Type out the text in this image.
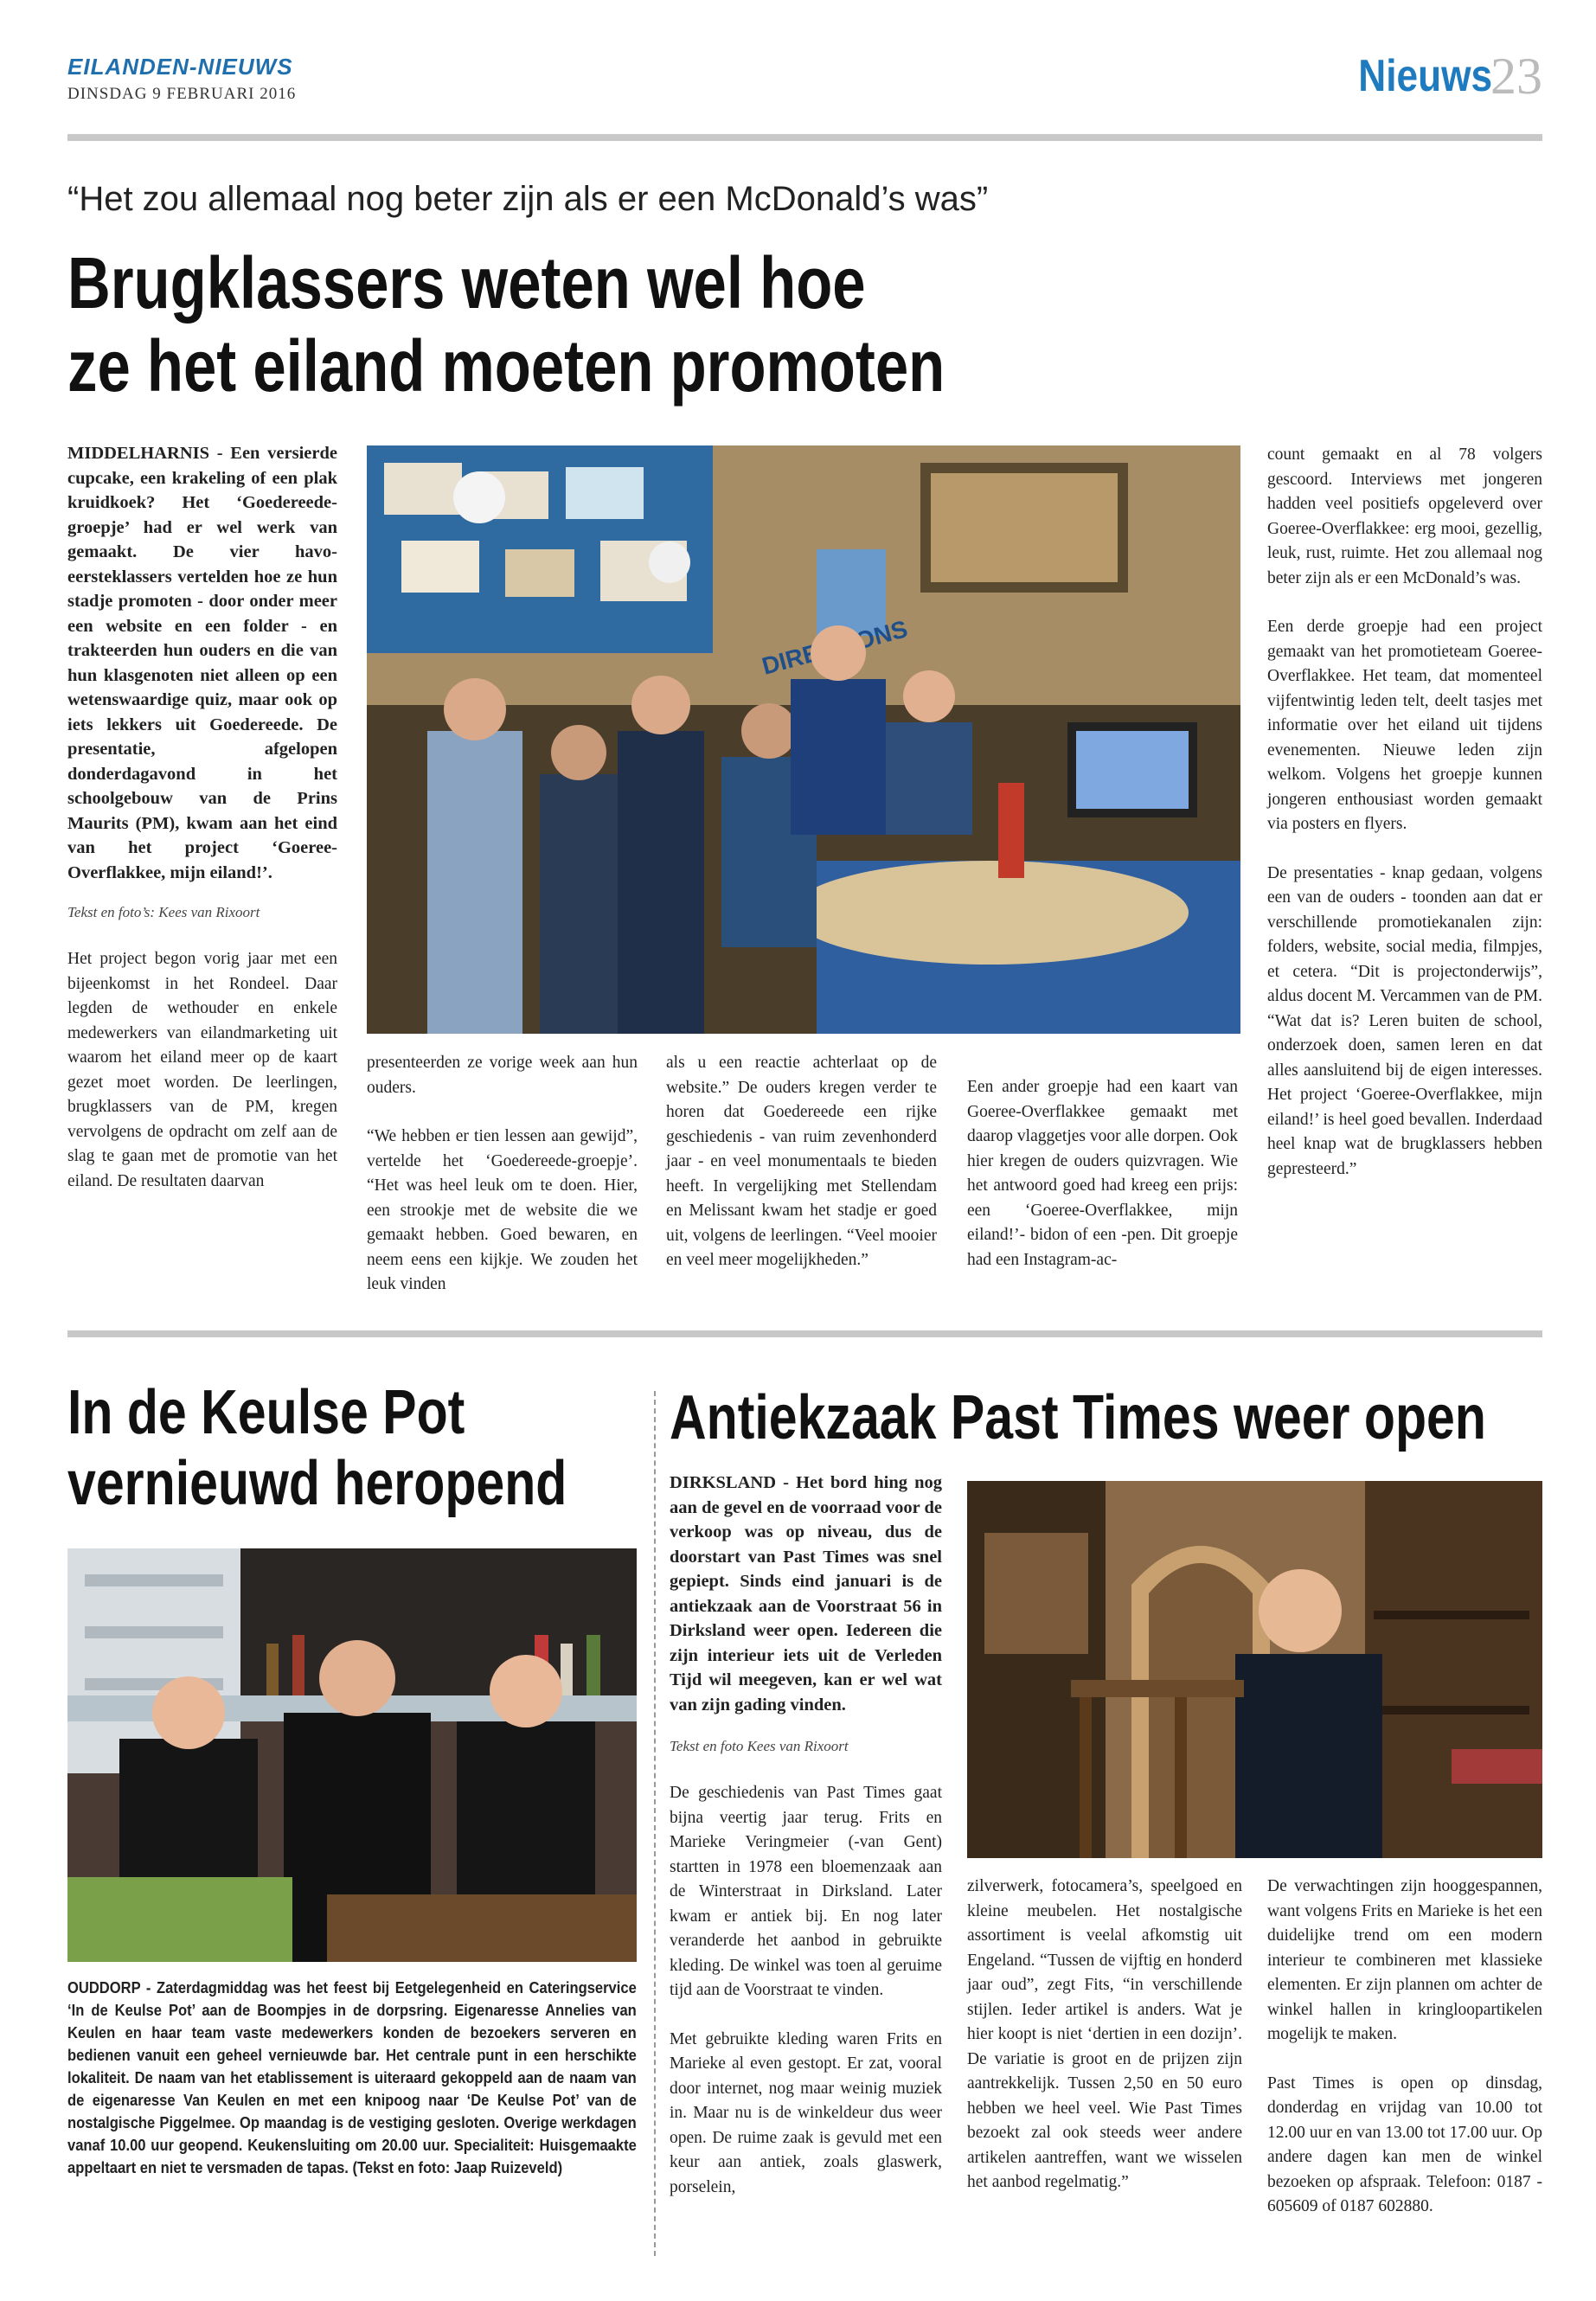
EILANDEN-NIEUWS
DINSDAG 9 FEBRUARI 2016	Nieuws
23
“Het zou allemaal nog beter zijn als er een McDonald’s was”
Brugklassers weten wel hoe
ze het eiland moeten promoten
MIDDELHARNIS - Een versierde cupcake, een krakeling of een plak kruidkoek? Het ‘Goedereede-groepje’ had er wel werk van gemaakt. De vier havo-eersteklassers vertelden hoe ze hun stadje promoten - door onder meer een website en een folder - en trakteerden hun ouders en die van hun klasgenoten niet alleen op een wetenswaardige quiz, maar ook op iets lekkers uit Goedereede. De presentatie, afgelopen donderdagavond in het schoolgebouw van de Prins Maurits (PM), kwam aan het eind van het project ‘Goeree-Overflakkee, mijn eiland!’.
Tekst en foto’s: Kees van Rixoort
Het project begon vorig jaar met een bijeenkomst in het Rondeel. Daar legden de wethouder en enkele medewerkers van eilandmarketing uit waarom het eiland meer op de kaart gezet moet worden. De leerlingen, brugklassers van de PM, kregen vervolgens de opdracht om zelf aan de slag te gaan met de promotie van het eiland. De resultaten daarvan

presenteerden ze vorige week aan hun ouders.

“We hebben er tien lessen aan gewijd”, vertelde het ‘Goedereede-groepje’. “Het was heel leuk om te doen. Hier, een strookje met de website die we gemaakt hebben. Goed bewaren, en neem eens een kijkje. We zouden het leuk vinden

als u een reactie achterlaat op de website.” De ouders kregen verder te horen dat Goedereede een rijke geschiedenis - van ruim zevenhonderd jaar - en veel monumentaals te bieden heeft. In vergelijking met Stellendam en Melissant kwam het stadje er goed uit, volgens de leerlingen. “Veel mooier en veel meer mogelijkheden.”

Een ander groepje had een kaart van Goeree-Overflakkee gemaakt met daarop vlaggetjes voor alle dorpen. Ook hier kregen de ouders quizvragen. Wie het antwoord goed had kreeg een prijs: een ‘Goeree-Overflakkee, mijn eiland!’- bidon of een -pen. Dit groepje had een Instagram-ac-

count gemaakt en al 78 volgers gescoord. Interviews met jongeren hadden veel positiefs opgeleverd over Goeree-Overflakkee: erg mooi, gezellig, leuk, rust, ruimte. Het zou allemaal nog beter zijn als er een McDonald’s was.

Een derde groepje had een project gemaakt van het promotieteam Goeree-Overflakkee. Het team, dat momenteel vijfentwintig leden telt, deelt tasjes met informatie over het eiland uit tijdens evenementen. Nieuwe leden zijn welkom. Volgens het groepje kunnen jongeren enthousiast worden gemaakt via posters en flyers.

De presentaties - knap gedaan, volgens een van de ouders - toonden aan dat er verschillende promotiekanalen zijn: folders, website, social media, filmpjes, et cetera. “Dit is projectonderwijs”, aldus docent M. Vercammen van de PM. “Wat dat is? Leren buiten de school, onderzoek doen, samen leren en dat alles aansluitend bij de eigen interesses. Het project ‘Goeree-Overflakkee, mijn eiland!’ is heel goed bevallen. Inderdaad heel knap wat de brugklassers hebben gepresteerd.”

In de Keulse Pot
vernieuwd heropend
OUDDORP - Zaterdagmiddag was het feest bij Eetgelegenheid en Cateringservice ‘In de Keulse Pot’ aan de Boompjes in de dorpsring. Eigenaresse Annelies van Keulen en haar team vaste medewerkers konden de bezoekers serveren en bedienen vanuit een geheel vernieuwde bar. Het centrale punt in een herschikte lokaliteit. De naam van het etablissement is uiteraard gekoppeld aan de naam van de eigenaresse Van Keulen en met een knipoog naar ‘De Keulse Pot’ van de nostalgische Piggelmee. Op maandag is de vestiging gesloten. Overige werkdagen vanaf 10.00 uur geopend. Keukensluiting om 20.00 uur. Specialiteit: Huisgemaakte appeltaart en niet te versmaden de tapas. (Tekst en foto: Jaap Ruizeveld)
Antiekzaak Past Times weer open
DIRKSLAND - Het bord hing nog aan de gevel en de voorraad voor de verkoop was op niveau, dus de doorstart van Past Times was snel gepiept. Sinds eind januari is de antiekzaak aan de Voorstraat 56 in Dirksland weer open. Iedereen die zijn interieur iets uit de Verleden Tijd wil meegeven, kan er wel wat van zijn gading vinden.
Tekst en foto Kees van Rixoort

De geschiedenis van Past Times gaat bijna veertig jaar terug. Frits en Marieke Veringmeier (-van Gent) startten in 1978 een bloemenzaak aan de Winterstraat in Dirksland. Later kwam er antiek bij. En nog later veranderde het aanbod in gebruikte kleding. De winkel was toen al geruime tijd aan de Voorstraat te vinden.

Met gebruikte kleding waren Frits en Marieke al even gestopt. Er zat, vooral door internet, nog maar weinig muziek in. Maar nu is de winkeldeur dus weer open. De ruime zaak is gevuld met een keur aan antiek, zoals glaswerk, porselein,

zilverwerk, fotocamera’s, speelgoed en kleine meubelen. Het nostalgische assortiment is veelal afkomstig uit Engeland. “Tussen de vijftig en honderd jaar oud”, zegt Fits, “in verschillende stijlen. Ieder artikel is anders. Wat je hier koopt is niet ‘dertien in een dozijn’. De variatie is groot en de prijzen zijn aantrekkelijk. Tussen 2,50 en 50 euro hebben we heel veel. Wie Past Times bezoekt zal ook steeds weer andere artikelen aantreffen, want we wisselen het aanbod regelmatig.”

De verwachtingen zijn hooggespannen, want volgens Frits en Marieke is het een duidelijke trend om een modern interieur te combineren met klassieke elementen. Er zijn plannen om achter de winkel hallen in kringloopartikelen mogelijk te maken.

Past Times is open op dinsdag, donderdag en vrijdag van 10.00 tot 12.00 uur en van 13.00 tot 17.00 uur. Op andere dagen kan men de winkel bezoeken op afspraak. Telefoon: 0187 - 605609 of 0187 602880.
